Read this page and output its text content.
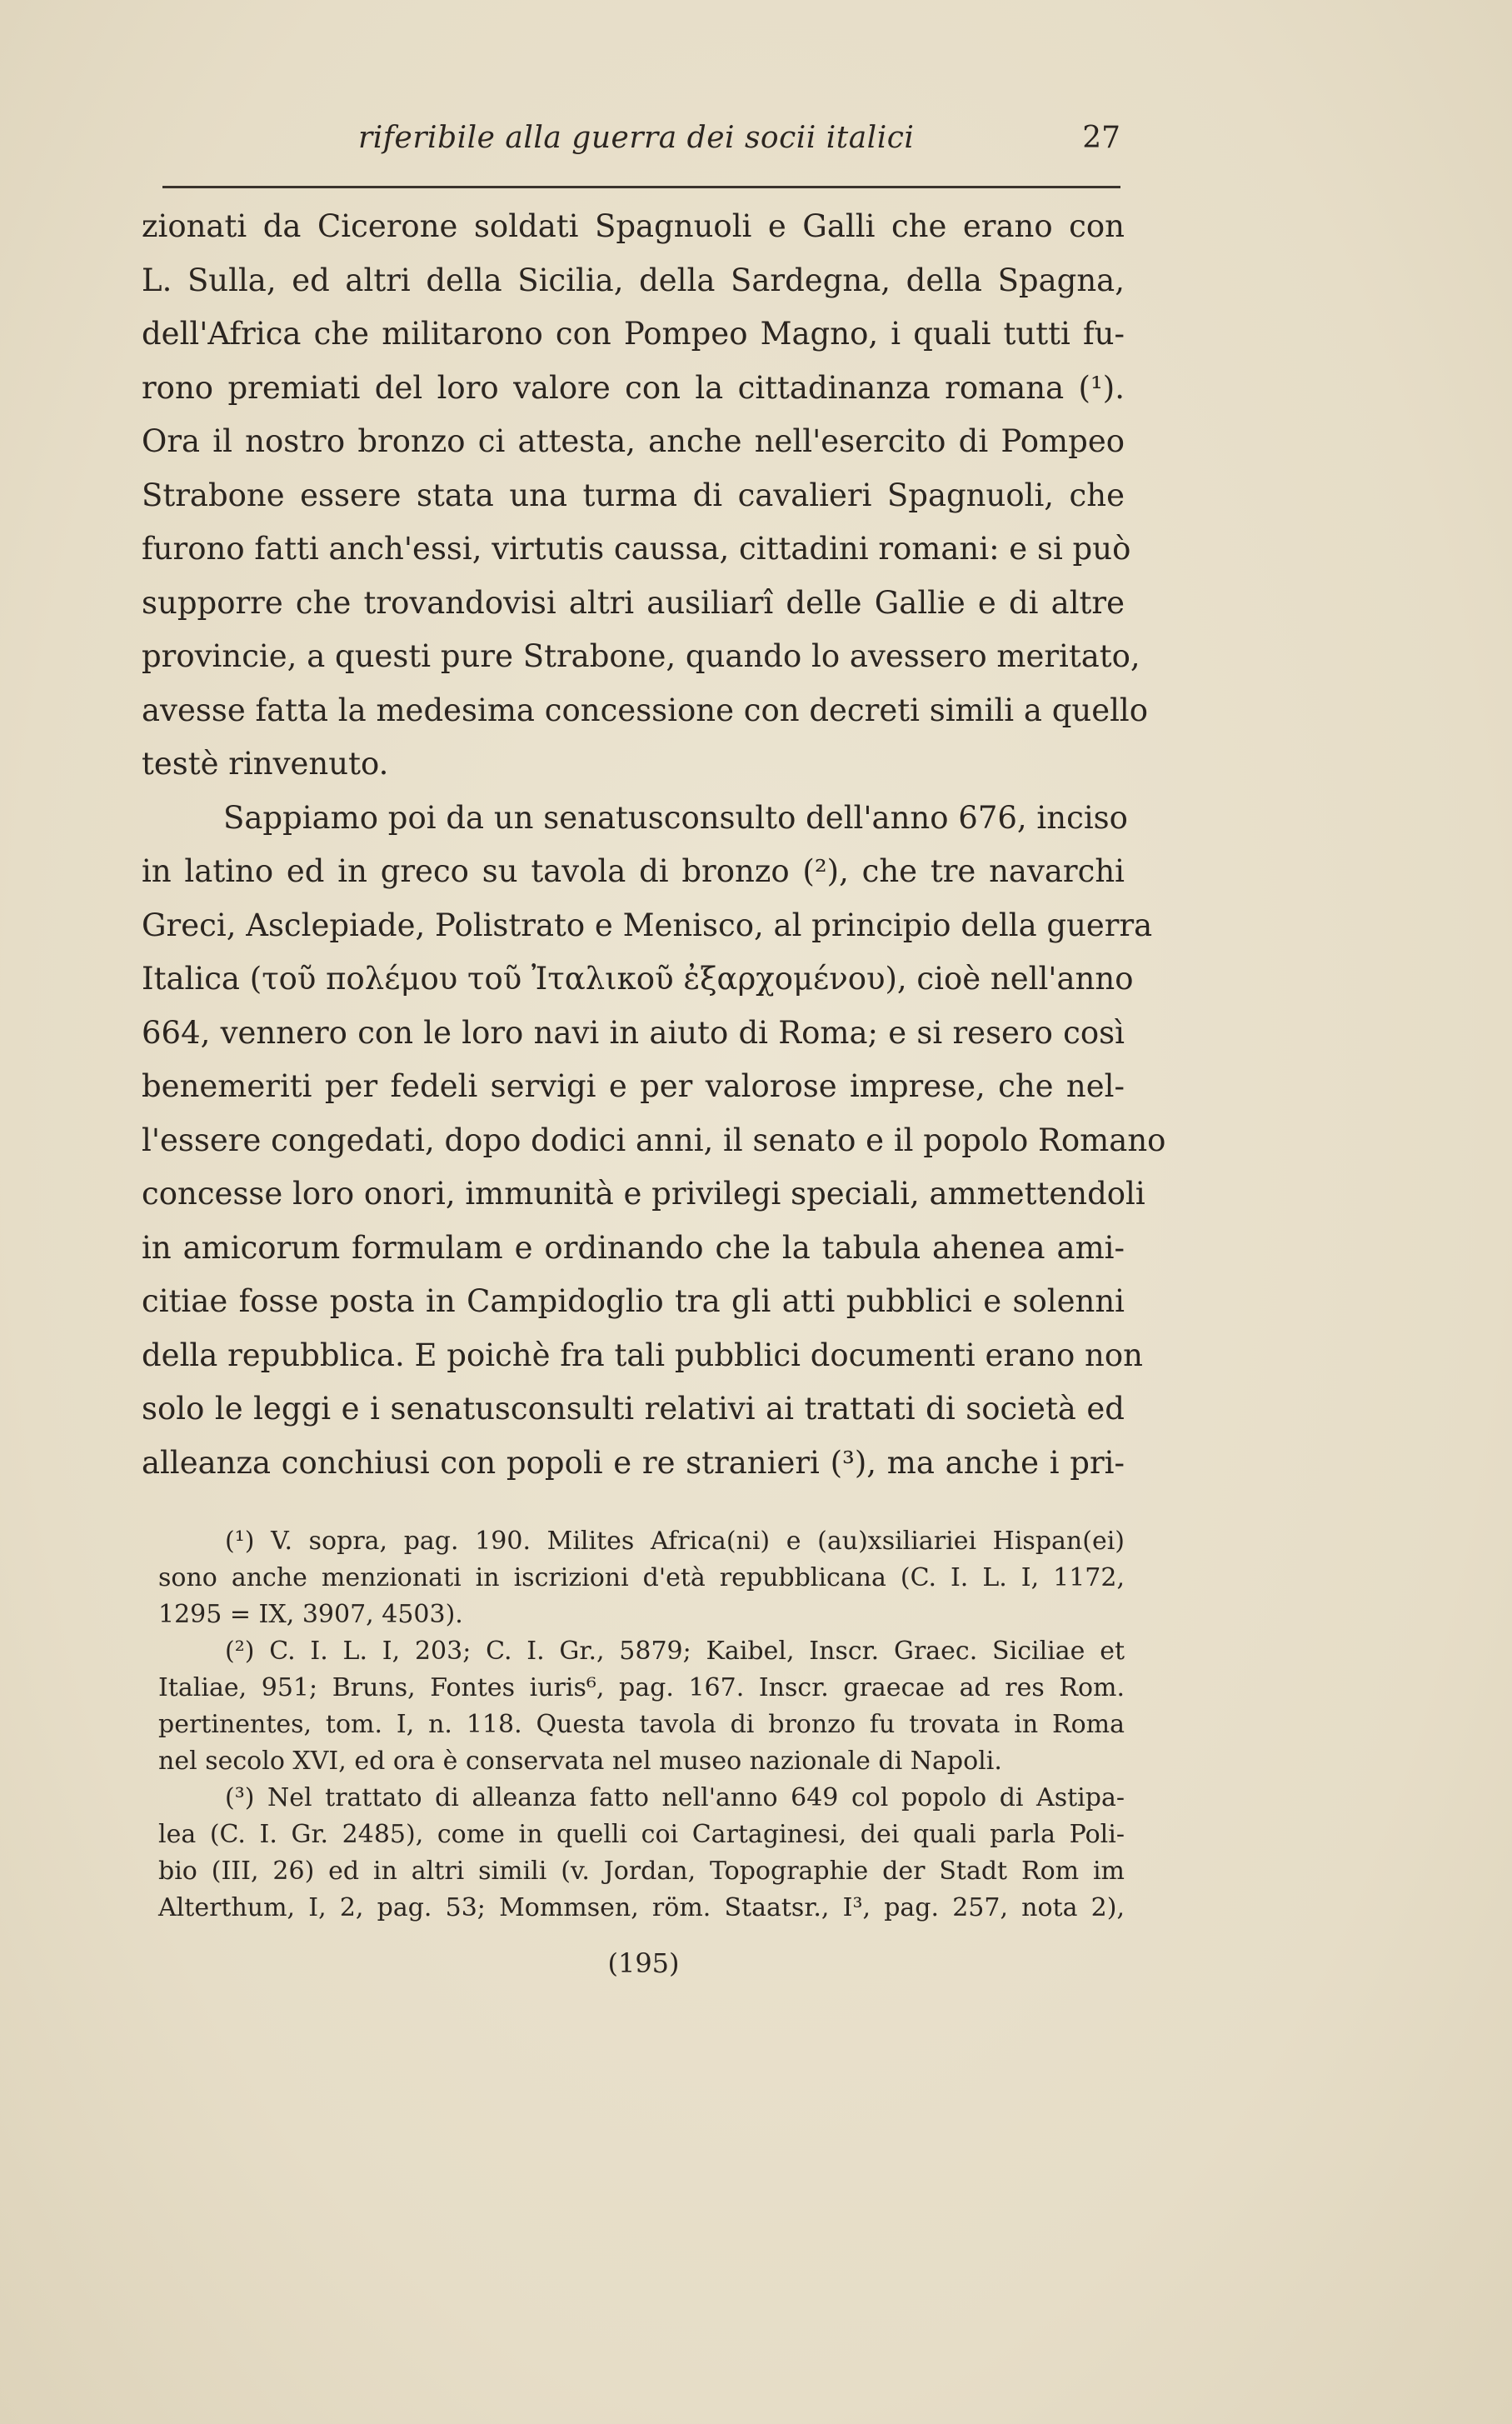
riferibile alla guerra dei socii italici	27
zionati da Cicerone soldati Spagnuoli e Galli che erano con
L. Sulla, ed altri della Sicilia, della Sardegna, della Spagna,
dell'Africa che militarono con Pompeo Magno, i quali tutti fu-
rono premiati del loro valore con la cittadinanza romana (¹).
Ora il nostro bronzo ci attesta, anche nell'esercito di Pompeo
Strabone essere stata una turma di cavalieri Spagnuoli, che
furono fatti anch'essi, virtutis caussa, cittadini romani: e si può
supporre che trovandovisi altri ausiliarî delle Gallie e di altre
provincie, a questi pure Strabone, quando lo avessero meritato,
avesse fatta la medesima concessione con decreti simili a quello
testè rinvenuto.
Sappiamo poi da un senatusconsulto dell'anno 676, inciso
in latino ed in greco su tavola di bronzo (²), che tre navarchi
Greci, Asclepiade, Polistrato e Menisco, al principio della guerra
Italica (τοῦ πολέμου τοῦ Ἰταλικοῦ ἐξαρχομένου), cioè nell'anno
664, vennero con le loro navi in aiuto di Roma; e si resero così
benemeriti per fedeli servigi e per valorose imprese, che nel-
l'essere congedati, dopo dodici anni, il senato e il popolo Romano
concesse loro onori, immunità e privilegi speciali, ammettendoli
in amicorum formulam e ordinando che la tabula ahenea ami-
citiae fosse posta in Campidoglio tra gli atti pubblici e solenni
della repubblica. E poichè fra tali pubblici documenti erano non
solo le leggi e i senatusconsulti relativi ai trattati di società ed
alleanza conchiusi con popoli e re stranieri (³), ma anche i pri-
(¹) V. sopra, pag. 190. Milites Africa(ni) e (au)xsiliariei Hispan(ei)
sono anche menzionati in iscrizioni d'età repubblicana (C. I. L. I, 1172,
1295 = IX, 3907, 4503).
(²) C. I. L. I, 203; C. I. Gr., 5879; Kaibel, Inscr. Graec. Siciliae et
Italiae, 951; Bruns, Fontes iuris⁶, pag. 167. Inscr. graecae ad res Rom.
pertinentes, tom. I, n. 118. Questa tavola di bronzo fu trovata in Roma
nel secolo XVI, ed ora è conservata nel museo nazionale di Napoli.
(³) Nel trattato di alleanza fatto nell'anno 649 col popolo di Astipa-
lea (C. I. Gr. 2485), come in quelli coi Cartaginesi, dei quali parla Poli-
bio (III, 26) ed in altri simili (v. Jordan, Topographie der Stadt Rom im
Alterthum, I, 2, pag. 53; Mommsen, röm. Staatsr., I³, pag. 257, nota 2),
(195)
